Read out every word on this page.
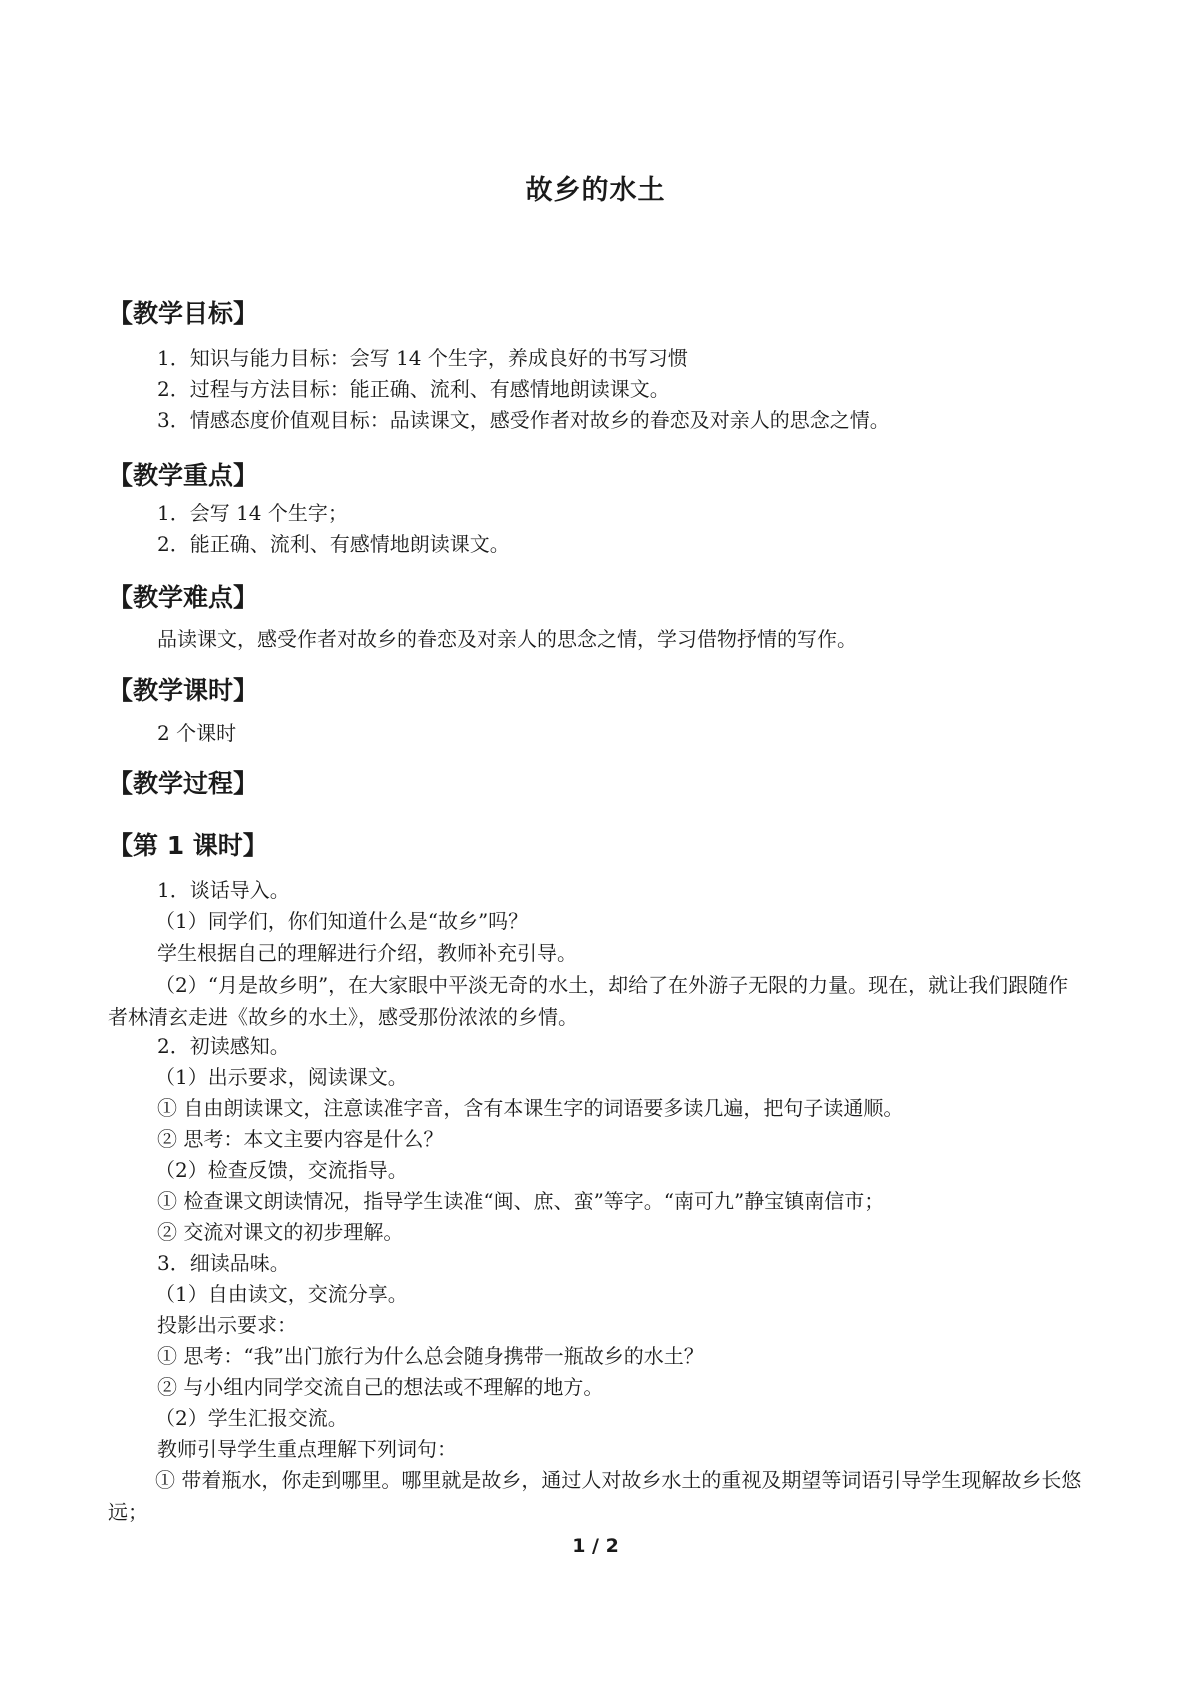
故乡的水土
【教学目标】
1．知识与能力目标：会写 14 个生字，养成良好的书写习惯
2．过程与方法目标：能正确、流利、有感情地朗读课文。
3．情感态度价值观目标：品读课文，感受作者对故乡的眷恋及对亲人的思念之情。
【教学重点】
1．会写 14 个生字；
2．能正确、流利、有感情地朗读课文。
【教学难点】
品读课文，感受作者对故乡的眷恋及对亲人的思念之情，学习借物抒情的写作。
【教学课时】
2 个课时
【教学过程】
【第 1 课时】
1．谈话导入。
（1）同学们，你们知道什么是“故乡”吗？
学生根据自己的理解进行介绍，教师补充引导。
（2）“月是故乡明”，在大家眼中平淡无奇的水土，却给了在外游子无限的力量。现在，就让我们跟随作者林清玄走进《故乡的水土》，感受那份浓浓的乡情。
2．初读感知。
（1）出示要求，阅读课文。
① 自由朗读课文，注意读准字音，含有本课生字的词语要多读几遍，把句子读通顺。
② 思考：本文主要内容是什么？
（2）检查反馈，交流指导。
① 检查课文朗读情况，指导学生读准“闽、庶、蛮”等字。“南可九”静宝镇南信市；
② 交流对课文的初步理解。
3．细读品味。
（1）自由读文，交流分享。
投影出示要求：
① 思考：“我”出门旅行为什么总会随身携带一瓶故乡的水土？
② 与小组内同学交流自己的想法或不理解的地方。
（2）学生汇报交流。
教师引导学生重点理解下列词句：
① 带着瓶水，你走到哪里。哪里就是故乡，通过人对故乡水土的重视及期望等词语引导学生现解故乡长悠远；
1 / 2
